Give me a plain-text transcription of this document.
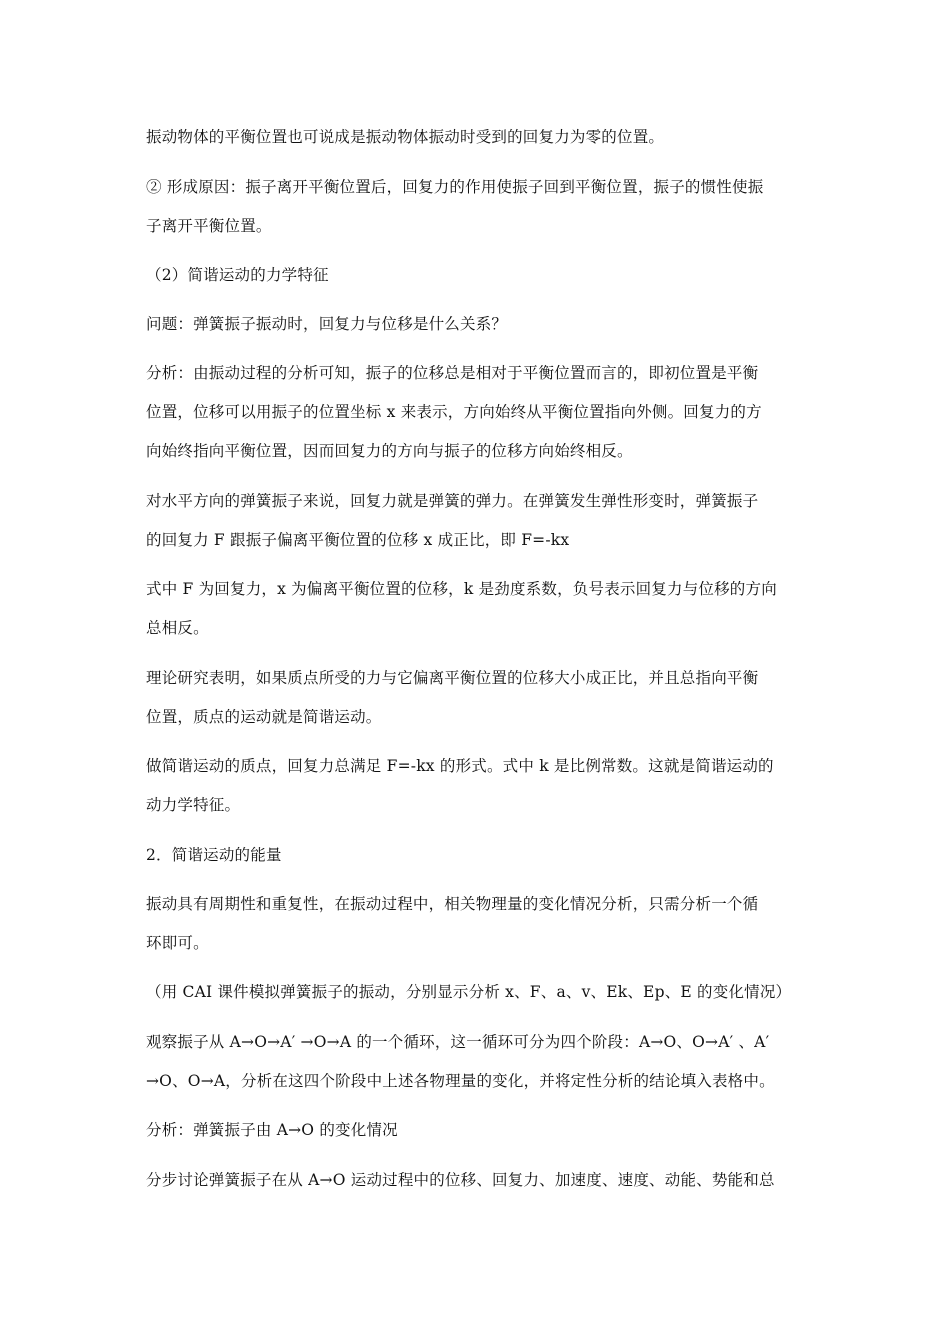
振动物体的平衡位置也可说成是振动物体振动时受到的回复力为零的位置。
② 形成原因：振子离开平衡位置后，回复力的作用使振子回到平衡位置，振子的惯性使振
子离开平衡位置。
（2）简谐运动的力学特征
问题：弹簧振子振动时，回复力与位移是什么关系？
分析：由振动过程的分析可知，振子的位移总是相对于平衡位置而言的，即初位置是平衡
位置，位移可以用振子的位置坐标 x 来表示，方向始终从平衡位置指向外侧。回复力的方
向始终指向平衡位置，因而回复力的方向与振子的位移方向始终相反。
对水平方向的弹簧振子来说，回复力就是弹簧的弹力。在弹簧发生弹性形变时，弹簧振子
的回复力 F 跟振子偏离平衡位置的位移 x 成正比，即 F=-kx
式中 F 为回复力，x 为偏离平衡位置的位移，k 是劲度系数，负号表示回复力与位移的方向
总相反。
理论研究表明，如果质点所受的力与它偏离平衡位置的位移大小成正比，并且总指向平衡
位置，质点的运动就是简谐运动。
做简谐运动的质点，回复力总满足 F=-kx 的形式。式中 k 是比例常数。这就是简谐运动的
动力学特征。
2．简谐运动的能量
振动具有周期性和重复性，在振动过程中，相关物理量的变化情况分析，只需分析一个循
环即可。
（用 CAI 课件模拟弹簧振子的振动，分别显示分析 x、F、a、v、Ek、Ep、E 的变化情况）
观察振子从 A→O→A′ →O→A 的一个循环，这一循环可分为四个阶段：A→O、O→A′ 、A′
→O、O→A，分析在这四个阶段中上述各物理量的变化，并将定性分析的结论填入表格中。
分析：弹簧振子由 A→O 的变化情况
分步讨论弹簧振子在从 A→O 运动过程中的位移、回复力、加速度、速度、动能、势能和总
